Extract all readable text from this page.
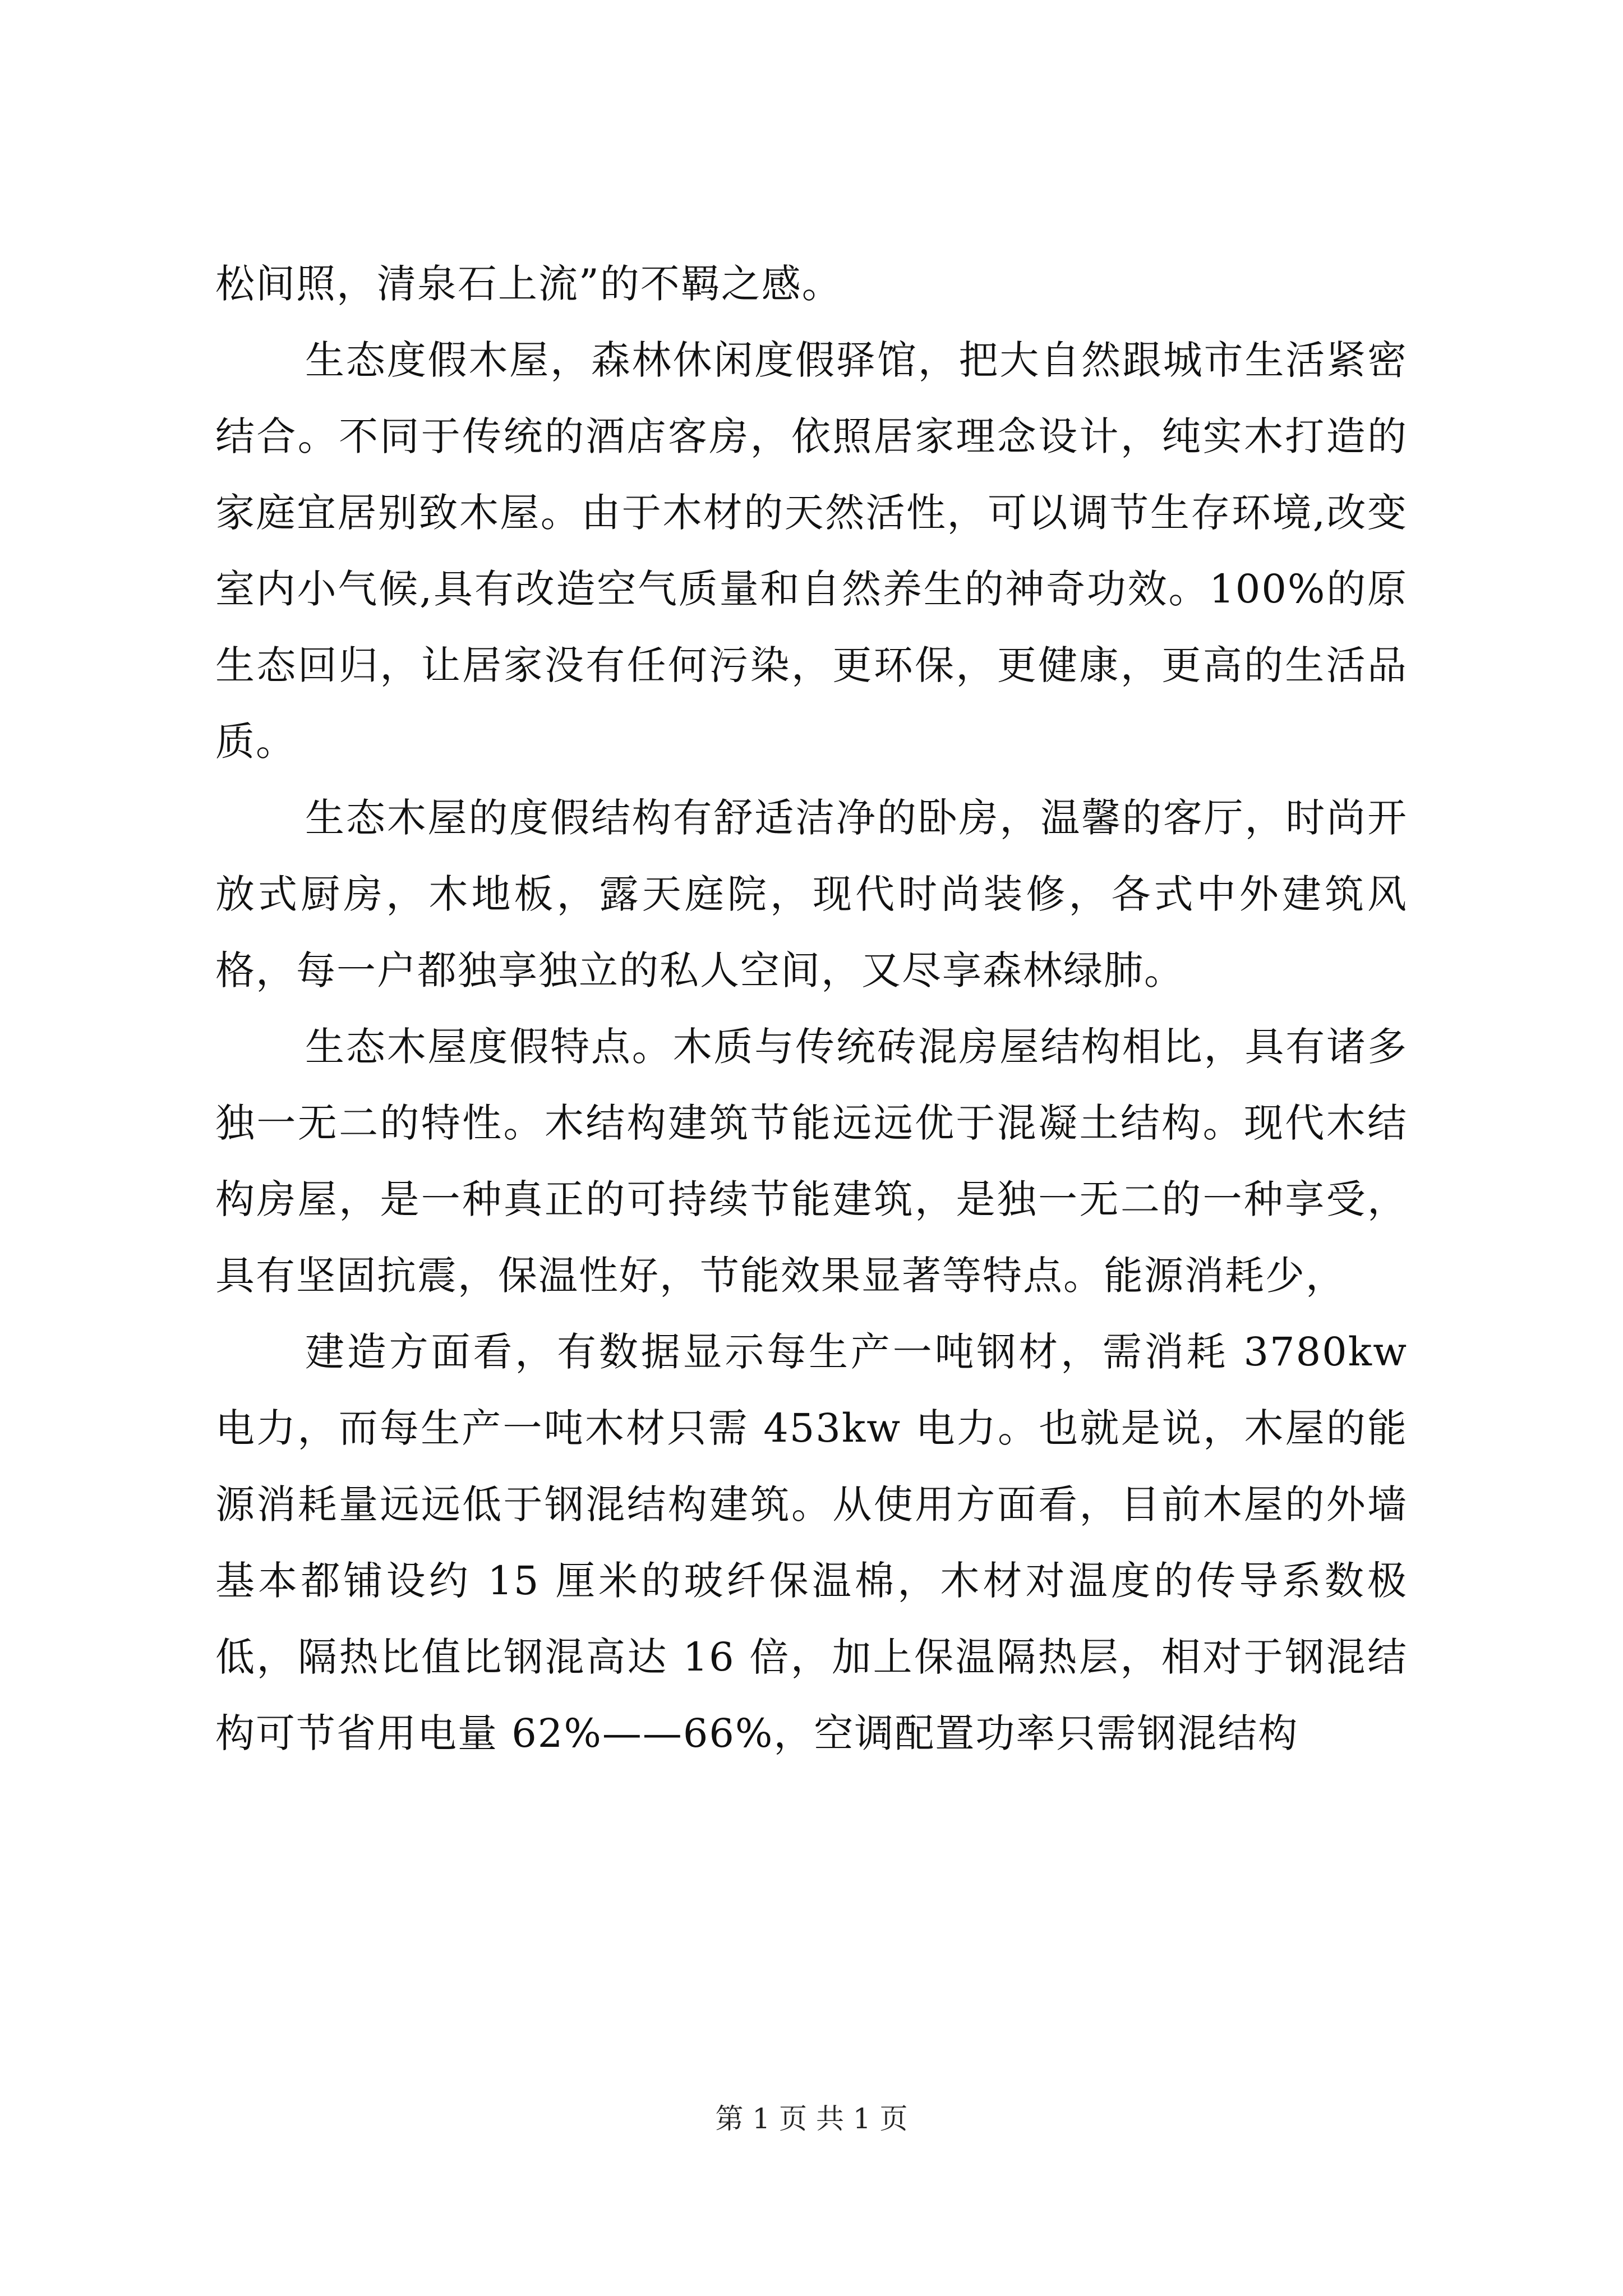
松间照，清泉石上流”的不羁之感。

生态度假木屋，森林休闲度假驿馆，把大自然跟城市生活紧密结合。不同于传统的酒店客房，依照居家理念设计，纯实木打造的家庭宜居别致木屋。由于木材的天然活性，可以调节生存环境,改变室内小气候,具有改造空气质量和自然养生的神奇功效。100%的原生态回归，让居家没有任何污染，更环保，更健康，更高的生活品质。

生态木屋的度假结构有舒适洁净的卧房，温馨的客厅，时尚开放式厨房，木地板，露天庭院，现代时尚装修，各式中外建筑风格，每一户都独享独立的私人空间，又尽享森林绿肺。

生态木屋度假特点。木质与传统砖混房屋结构相比，具有诸多独一无二的特性。木结构建筑节能远远优于混凝土结构。现代木结构房屋，是一种真正的可持续节能建筑，是独一无二的一种享受，具有坚固抗震，保温性好，节能效果显著等特点。能源消耗少，

建造方面看，有数据显示每生产一吨钢材，需消耗 3780kw 电力，而每生产一吨木材只需 453kw 电力。也就是说，木屋的能源消耗量远远低于钢混结构建筑。从使用方面看，目前木屋的外墙基本都铺设约 15 厘米的玻纤保温棉，木材对温度的传导系数极低，隔热比值比钢混高达 16 倍，加上保温隔热层，相对于钢混结构可节省用电量 62%——66%，空调配置功率只需钢混结构

第 1 页 共 1 页
